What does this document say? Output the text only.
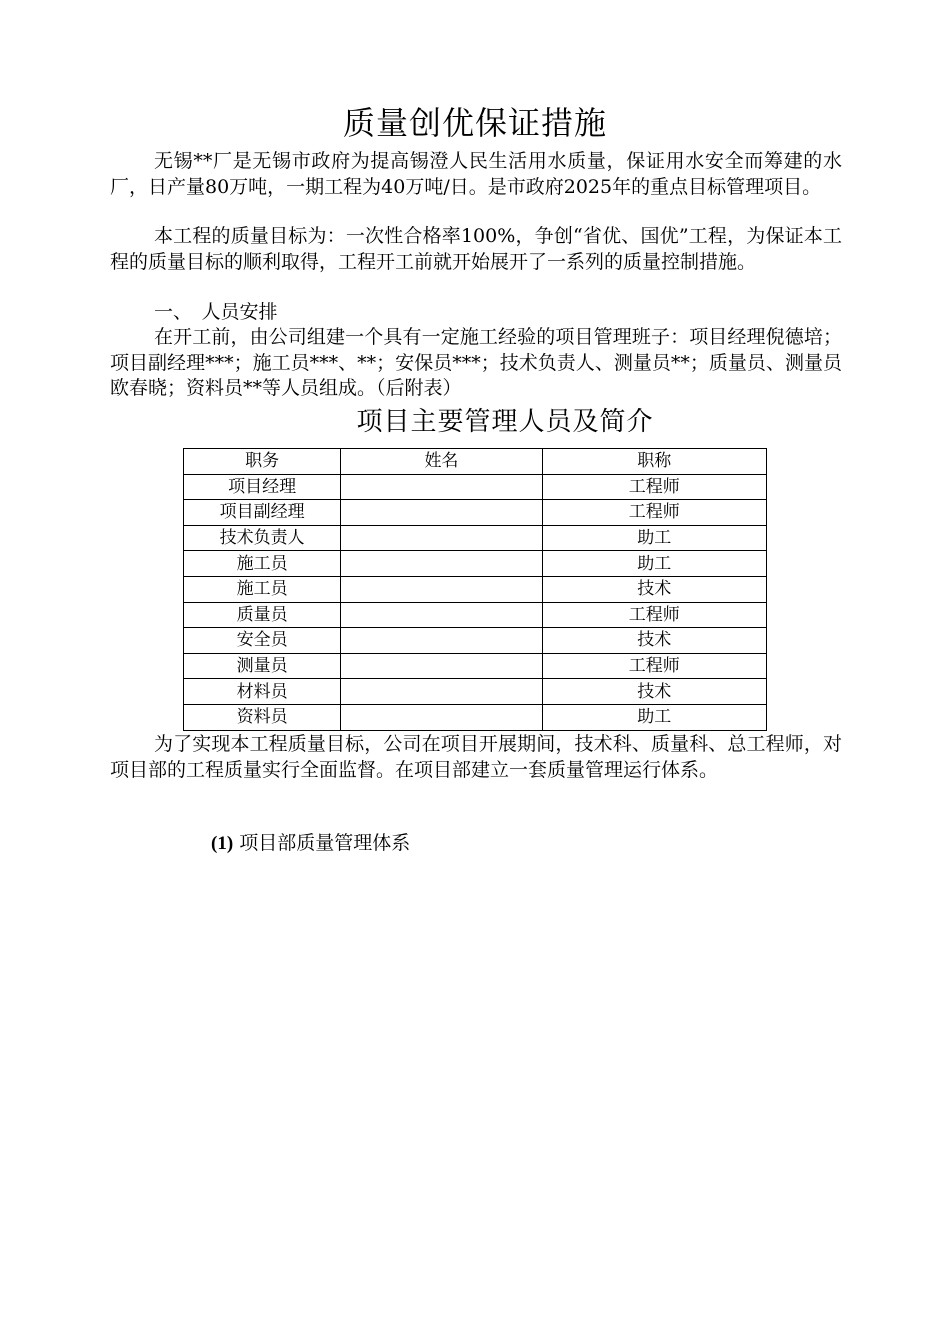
质量创优保证措施

无锡**厂是无锡市政府为提高锡澄人民生活用水质量，保证用水安全而筹建的水厂，日产量80万吨，一期工程为40万吨/日。是市政府2025年的重点目标管理项目。

本工程的质量目标为：一次性合格率100%，争创“省优、国优”工程，为保证本工程的质量目标的顺利取得，工程开工前就开始展开了一系列的质量控制措施。

一、　人员安排

在开工前，由公司组建一个具有一定施工经验的项目管理班子：项目经理倪德培；项目副经理***；施工员***、**；安保员***；技术负责人、测量员**；质量员、测量员欧春晓；资料员**等人员组成。（后附表）

项目主要管理人员及简介
职务	姓名	职称
项目经理		工程师
项目副经理		工程师
技术负责人		助工
施工员		助工
施工员		技术
质量员		工程师
安全员		技术
测量员		工程师
材料员		技术
资料员		助工

为了实现本工程质量目标，公司在项目开展期间，技术科、质量科、总工程师，对项目部的工程质量实行全面监督。在项目部建立一套质量管理运行体系。

(1) 项目部质量管理体系
